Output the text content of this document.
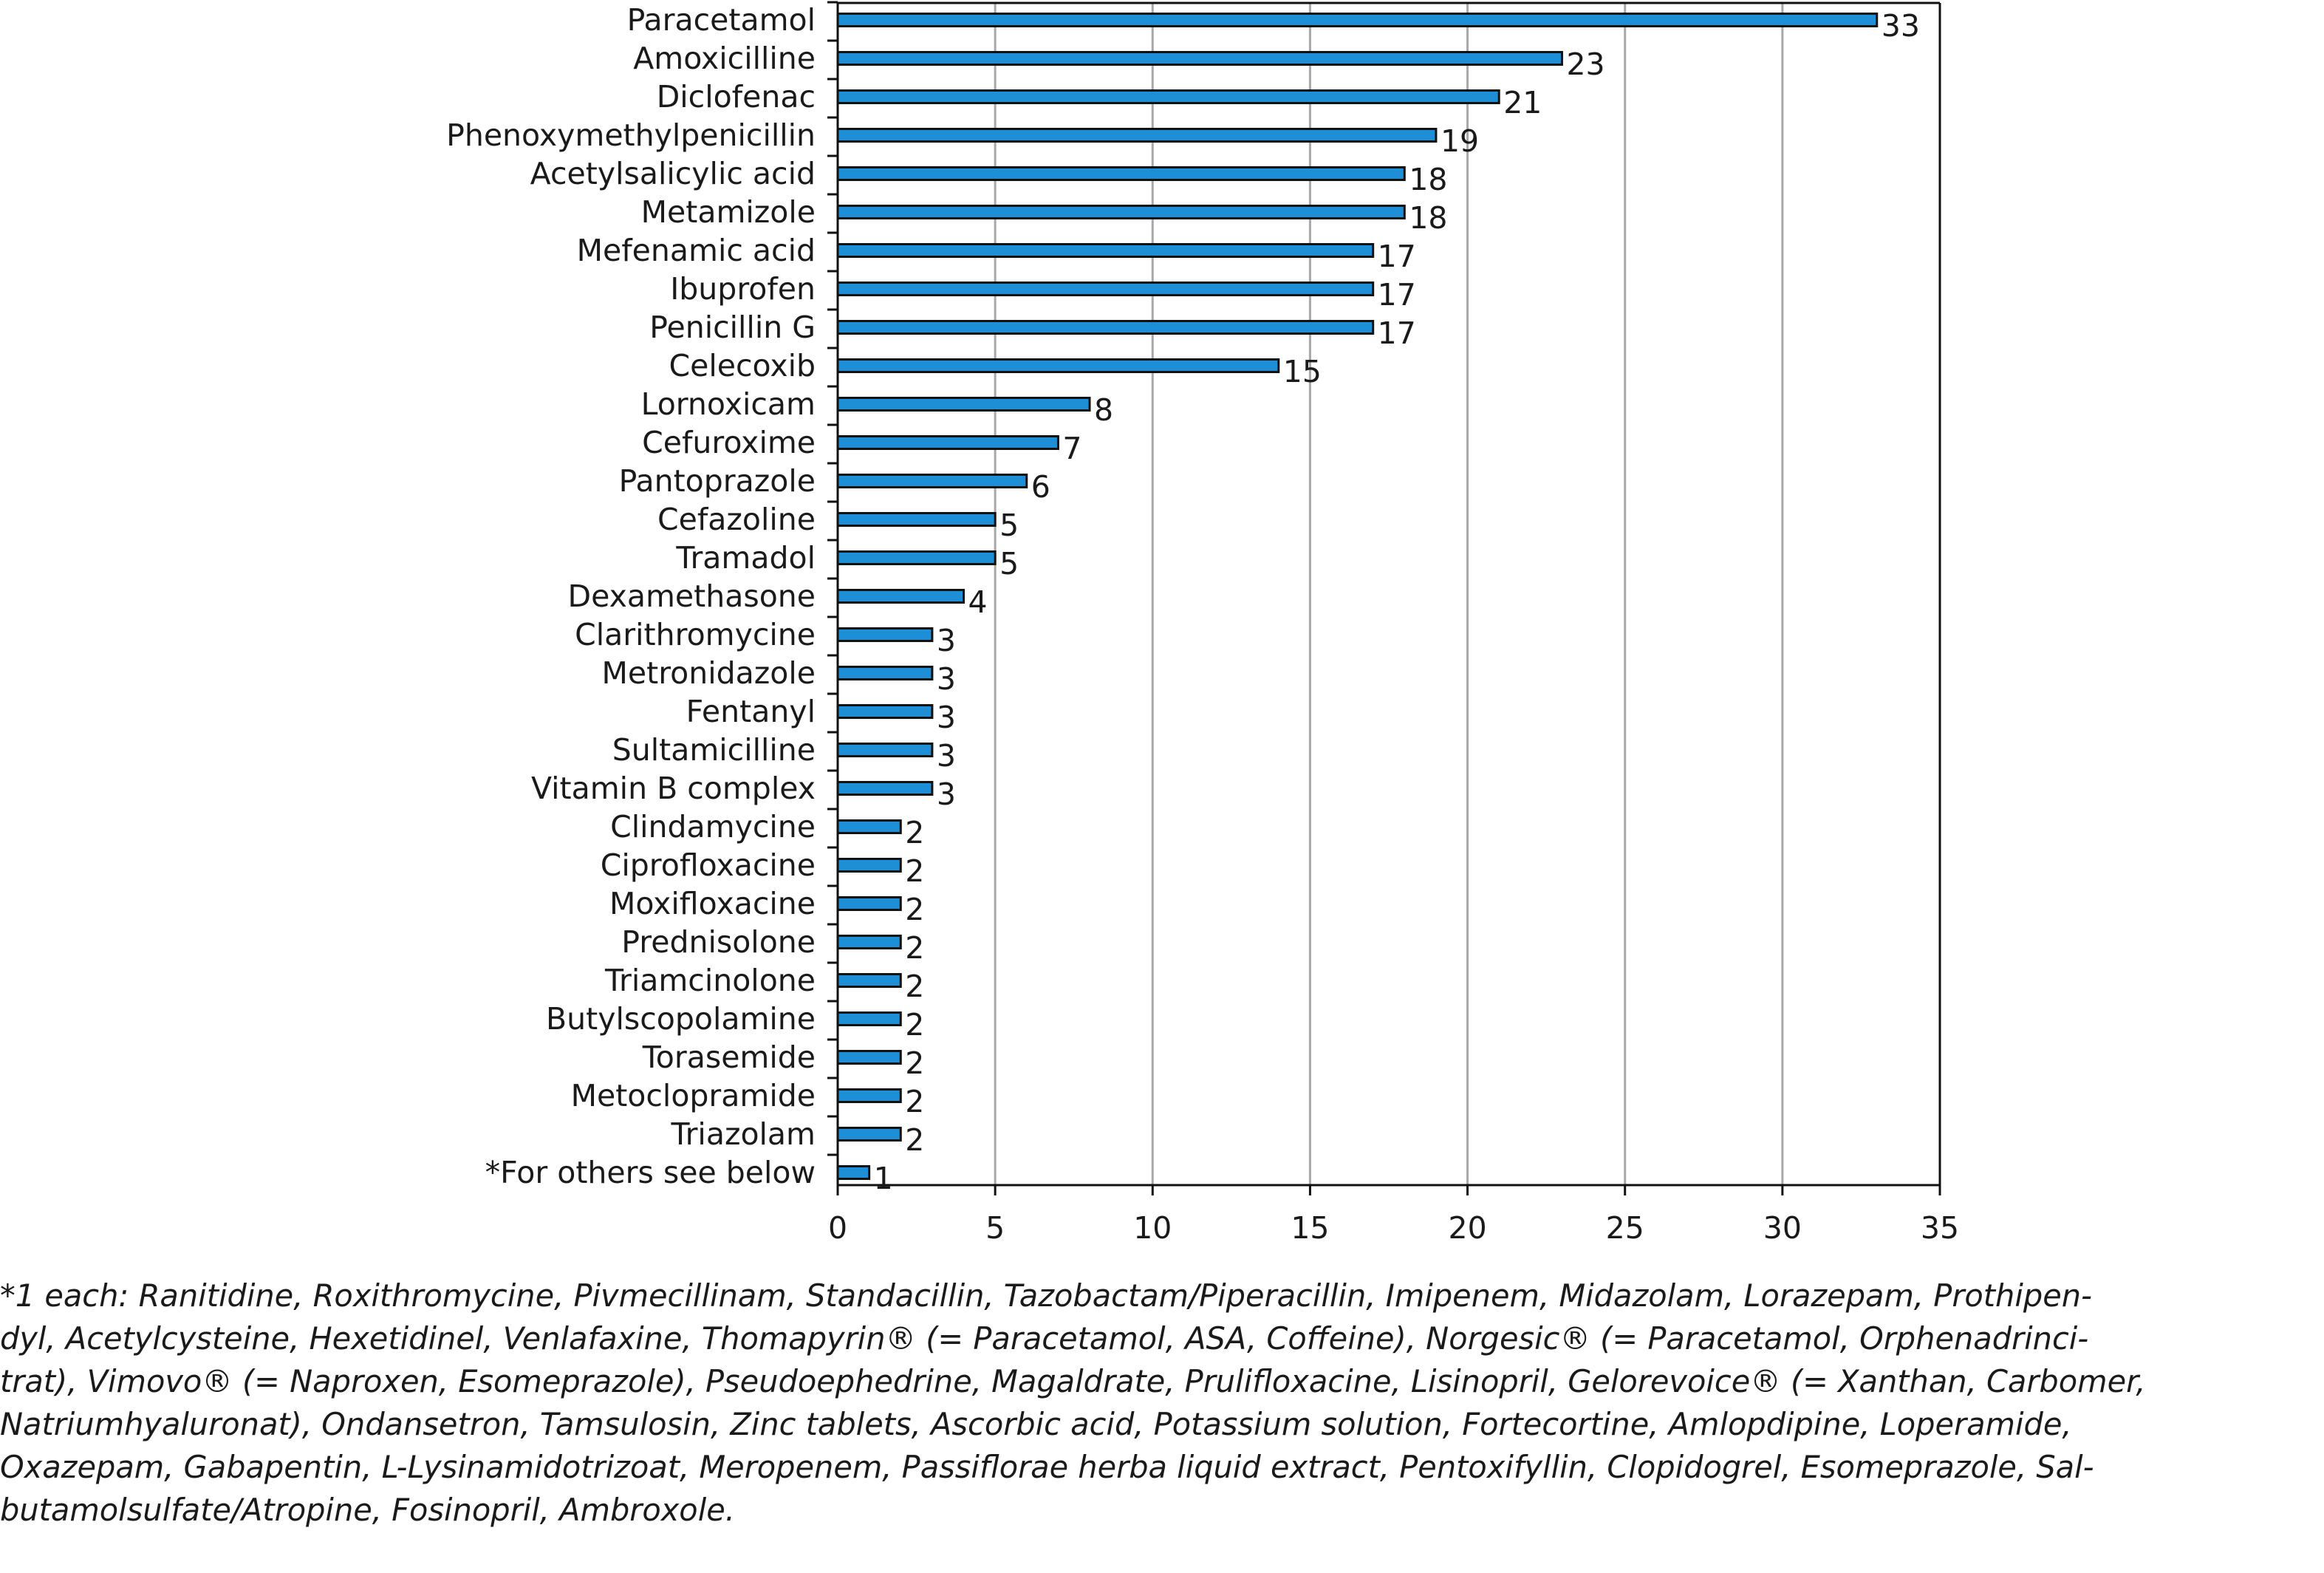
0	5	10	15	20	25	30	35
Paracetamol	33
Amoxicilline	23
Diclofenac	21
Phenoxymethylpenicillin	19
Acetylsalicylic acid	18
Metamizole	18
Mefenamic acid	17
Ibuprofen	17
Penicillin G	17
Celecoxib	15
Lornoxicam	8
Cefuroxime	7
Pantoprazole	6
Cefazoline	5
Tramadol	5
Dexamethasone	4
Clarithromycine	3
Metronidazole	3
Fentanyl	3
Sultamicilline	3
Vitamin B complex	3
Clindamycine	2
Ciprofloxacine	2
Moxifloxacine	2
Prednisolone	2
Triamcinolone	2
Butylscopolamine	2
Torasemide	2
Metoclopramide	2
Triazolam	2
*For others see below 1
*1 each: Ranitidine, Roxithromycine, Pivmecillinam, Standacillin, Tazobactam/Piperacillin, Imipenem, Midazolam, Lorazepam, Prothipen-
dyl, Acetylcysteine, Hexetidinel, Venlafaxine, Thomapyrin® (= Paracetamol, ASA, Coffeine), Norgesic® (= Paracetamol, Orphenadrinci-
trat), Vimovo® (= Naproxen, Esomeprazole), Pseudoephedrine, Magaldrate, Prulifloxacine, Lisinopril, Gelorevoice® (= Xanthan, Carbomer,
Natriumhyaluronat), Ondansetron, Tamsulosin, Zinc tablets, Ascorbic acid, Potassium solution, Fortecortine, Amlopdipine, Loperamide,
Oxazepam, Gabapentin, L-Lysinamidotrizoat, Meropenem, Passiflorae herba liquid extract, Pentoxifyllin, Clopidogrel, Esomeprazole, Sal-
butamolsulfate/Atropine, Fosinopril, Ambroxole.
